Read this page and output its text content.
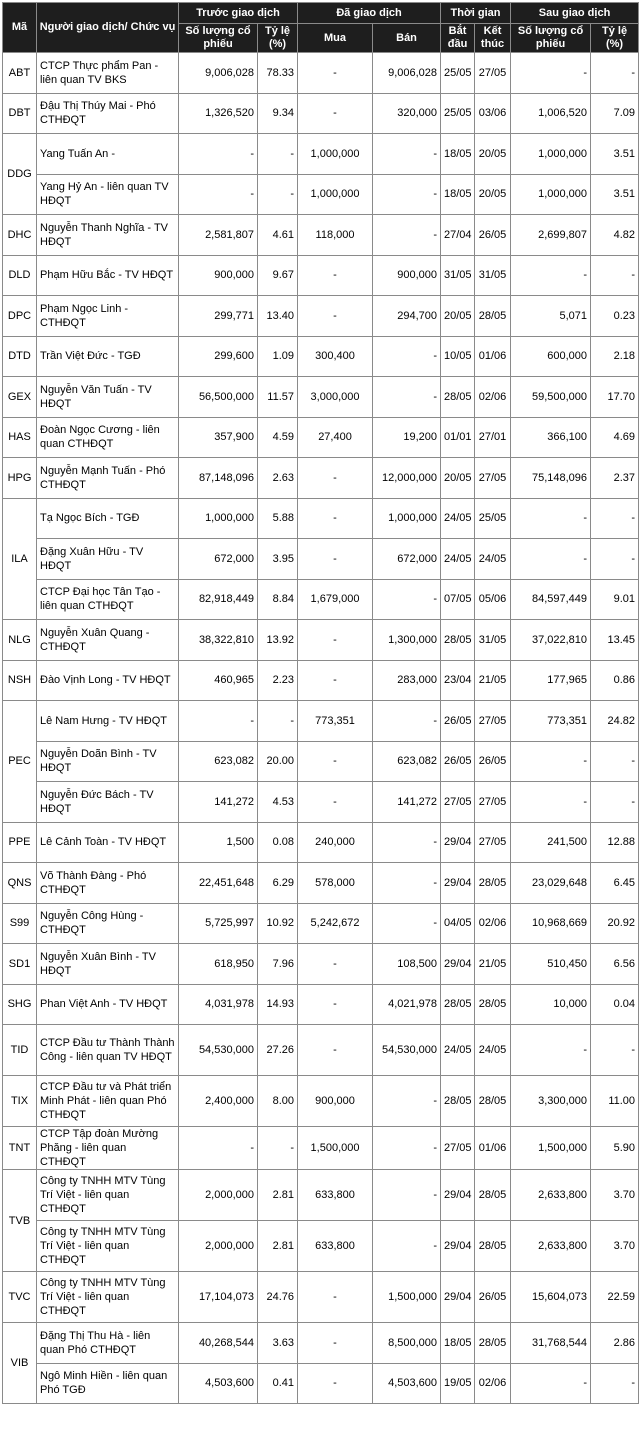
Mã	Người giao dịch/ Chức vụ	Trước giao dịch		Đã giao dịch		Thời gian		Sau giao dịch	
		Số lượng cổ phiếu	Tỷ lệ (%)	Mua	Bán	Bắt đầu	Kết thúc	Số lượng cổ phiếu	Tỷ lệ (%)
ABT	CTCP Thực phẩm Pan - liên quan TV BKS	9,006,028	78.33	-	9,006,028	25/05	27/05	-	-
DBT	Đậu Thị Thúy Mai - Phó CTHĐQT	1,326,520	9.34	-	320,000	25/05	03/06	1,006,520	7.09
DDG	Yang Tuấn An -	-	-	1,000,000	-	18/05	20/05	1,000,000	3.51
	Yang Hỷ An - liên quan TV HĐQT	-	-	1,000,000	-	18/05	20/05	1,000,000	3.51
DHC	Nguyễn Thanh Nghĩa - TV HĐQT	2,581,807	4.61	118,000	-	27/04	26/05	2,699,807	4.82
DLD	Phạm Hữu Bắc - TV HĐQT	900,000	9.67	-	900,000	31/05	31/05	-	-
DPC	Phạm Ngọc Linh - CTHĐQT	299,771	13.40	-	294,700	20/05	28/05	5,071	0.23
DTD	Trần Việt Đức - TGĐ	299,600	1.09	300,400	-	10/05	01/06	600,000	2.18
GEX	Nguyễn Văn Tuấn - TV HĐQT	56,500,000	11.57	3,000,000	-	28/05	02/06	59,500,000	17.70
HAS	Đoàn Ngọc Cương - liên quan CTHĐQT	357,900	4.59	27,400	19,200	01/01	27/01	366,100	4.69
HPG	Nguyễn Mạnh Tuấn - Phó CTHĐQT	87,148,096	2.63	-	12,000,000	20/05	27/05	75,148,096	2.37
ILA	Tạ Ngọc Bích - TGĐ	1,000,000	5.88	-	1,000,000	24/05	25/05	-	-
	Đặng Xuân Hữu - TV HĐQT	672,000	3.95	-	672,000	24/05	24/05	-	-
	CTCP Đại học Tân Tạo - liên quan CTHĐQT	82,918,449	8.84	1,679,000	-	07/05	05/06	84,597,449	9.01
NLG	Nguyễn Xuân Quang - CTHĐQT	38,322,810	13.92	-	1,300,000	28/05	31/05	37,022,810	13.45
NSH	Đào Vịnh Long - TV HĐQT	460,965	2.23	-	283,000	23/04	21/05	177,965	0.86
PEC	Lê Nam Hưng - TV HĐQT	-	-	773,351	-	26/05	27/05	773,351	24.82
	Nguyễn Doãn Bình - TV HĐQT	623,082	20.00	-	623,082	26/05	26/05	-	-
	Nguyễn Đức Bách - TV HĐQT	141,272	4.53	-	141,272	27/05	27/05	-	-
PPE	Lê Cảnh Toàn - TV HĐQT	1,500	0.08	240,000	-	29/04	27/05	241,500	12.88
QNS	Võ Thành Đàng - Phó CTHĐQT	22,451,648	6.29	578,000	-	29/04	28/05	23,029,648	6.45
S99	Nguyễn Công Hùng - CTHĐQT	5,725,997	10.92	5,242,672	-	04/05	02/06	10,968,669	20.92
SD1	Nguyễn Xuân Bình - TV HĐQT	618,950	7.96	-	108,500	29/04	21/05	510,450	6.56
SHG	Phan Việt Anh - TV HĐQT	4,031,978	14.93	-	4,021,978	28/05	28/05	10,000	0.04
TID	CTCP Đầu tư Thành Thành Công - liên quan TV HĐQT	54,530,000	27.26	-	54,530,000	24/05	24/05	-	-
TIX	CTCP Đầu tư và Phát triển Minh Phát - liên quan Phó CTHĐQT	2,400,000	8.00	900,000	-	28/05	28/05	3,300,000	11.00
TNT	CTCP Tập đoàn Mường Phăng - liên quan CTHĐQT	-	-	1,500,000	-	27/05	01/06	1,500,000	5.90
TVB	Công ty TNHH MTV Tùng Trí Việt - liên quan CTHĐQT	2,000,000	2.81	633,800	-	29/04	28/05	2,633,800	3.70
	Công ty TNHH MTV Tùng Trí Việt - liên quan CTHĐQT	2,000,000	2.81	633,800	-	29/04	28/05	2,633,800	3.70
TVC	Công ty TNHH MTV Tùng Trí Việt - liên quan CTHĐQT	17,104,073	24.76	-	1,500,000	29/04	26/05	15,604,073	22.59
VIB	Đặng Thị Thu Hà - liên quan Phó CTHĐQT	40,268,544	3.63	-	8,500,000	18/05	28/05	31,768,544	2.86
	Ngô Minh Hiền - liên quan Phó TGĐ	4,503,600	0.41	-	4,503,600	19/05	02/06	-	-
